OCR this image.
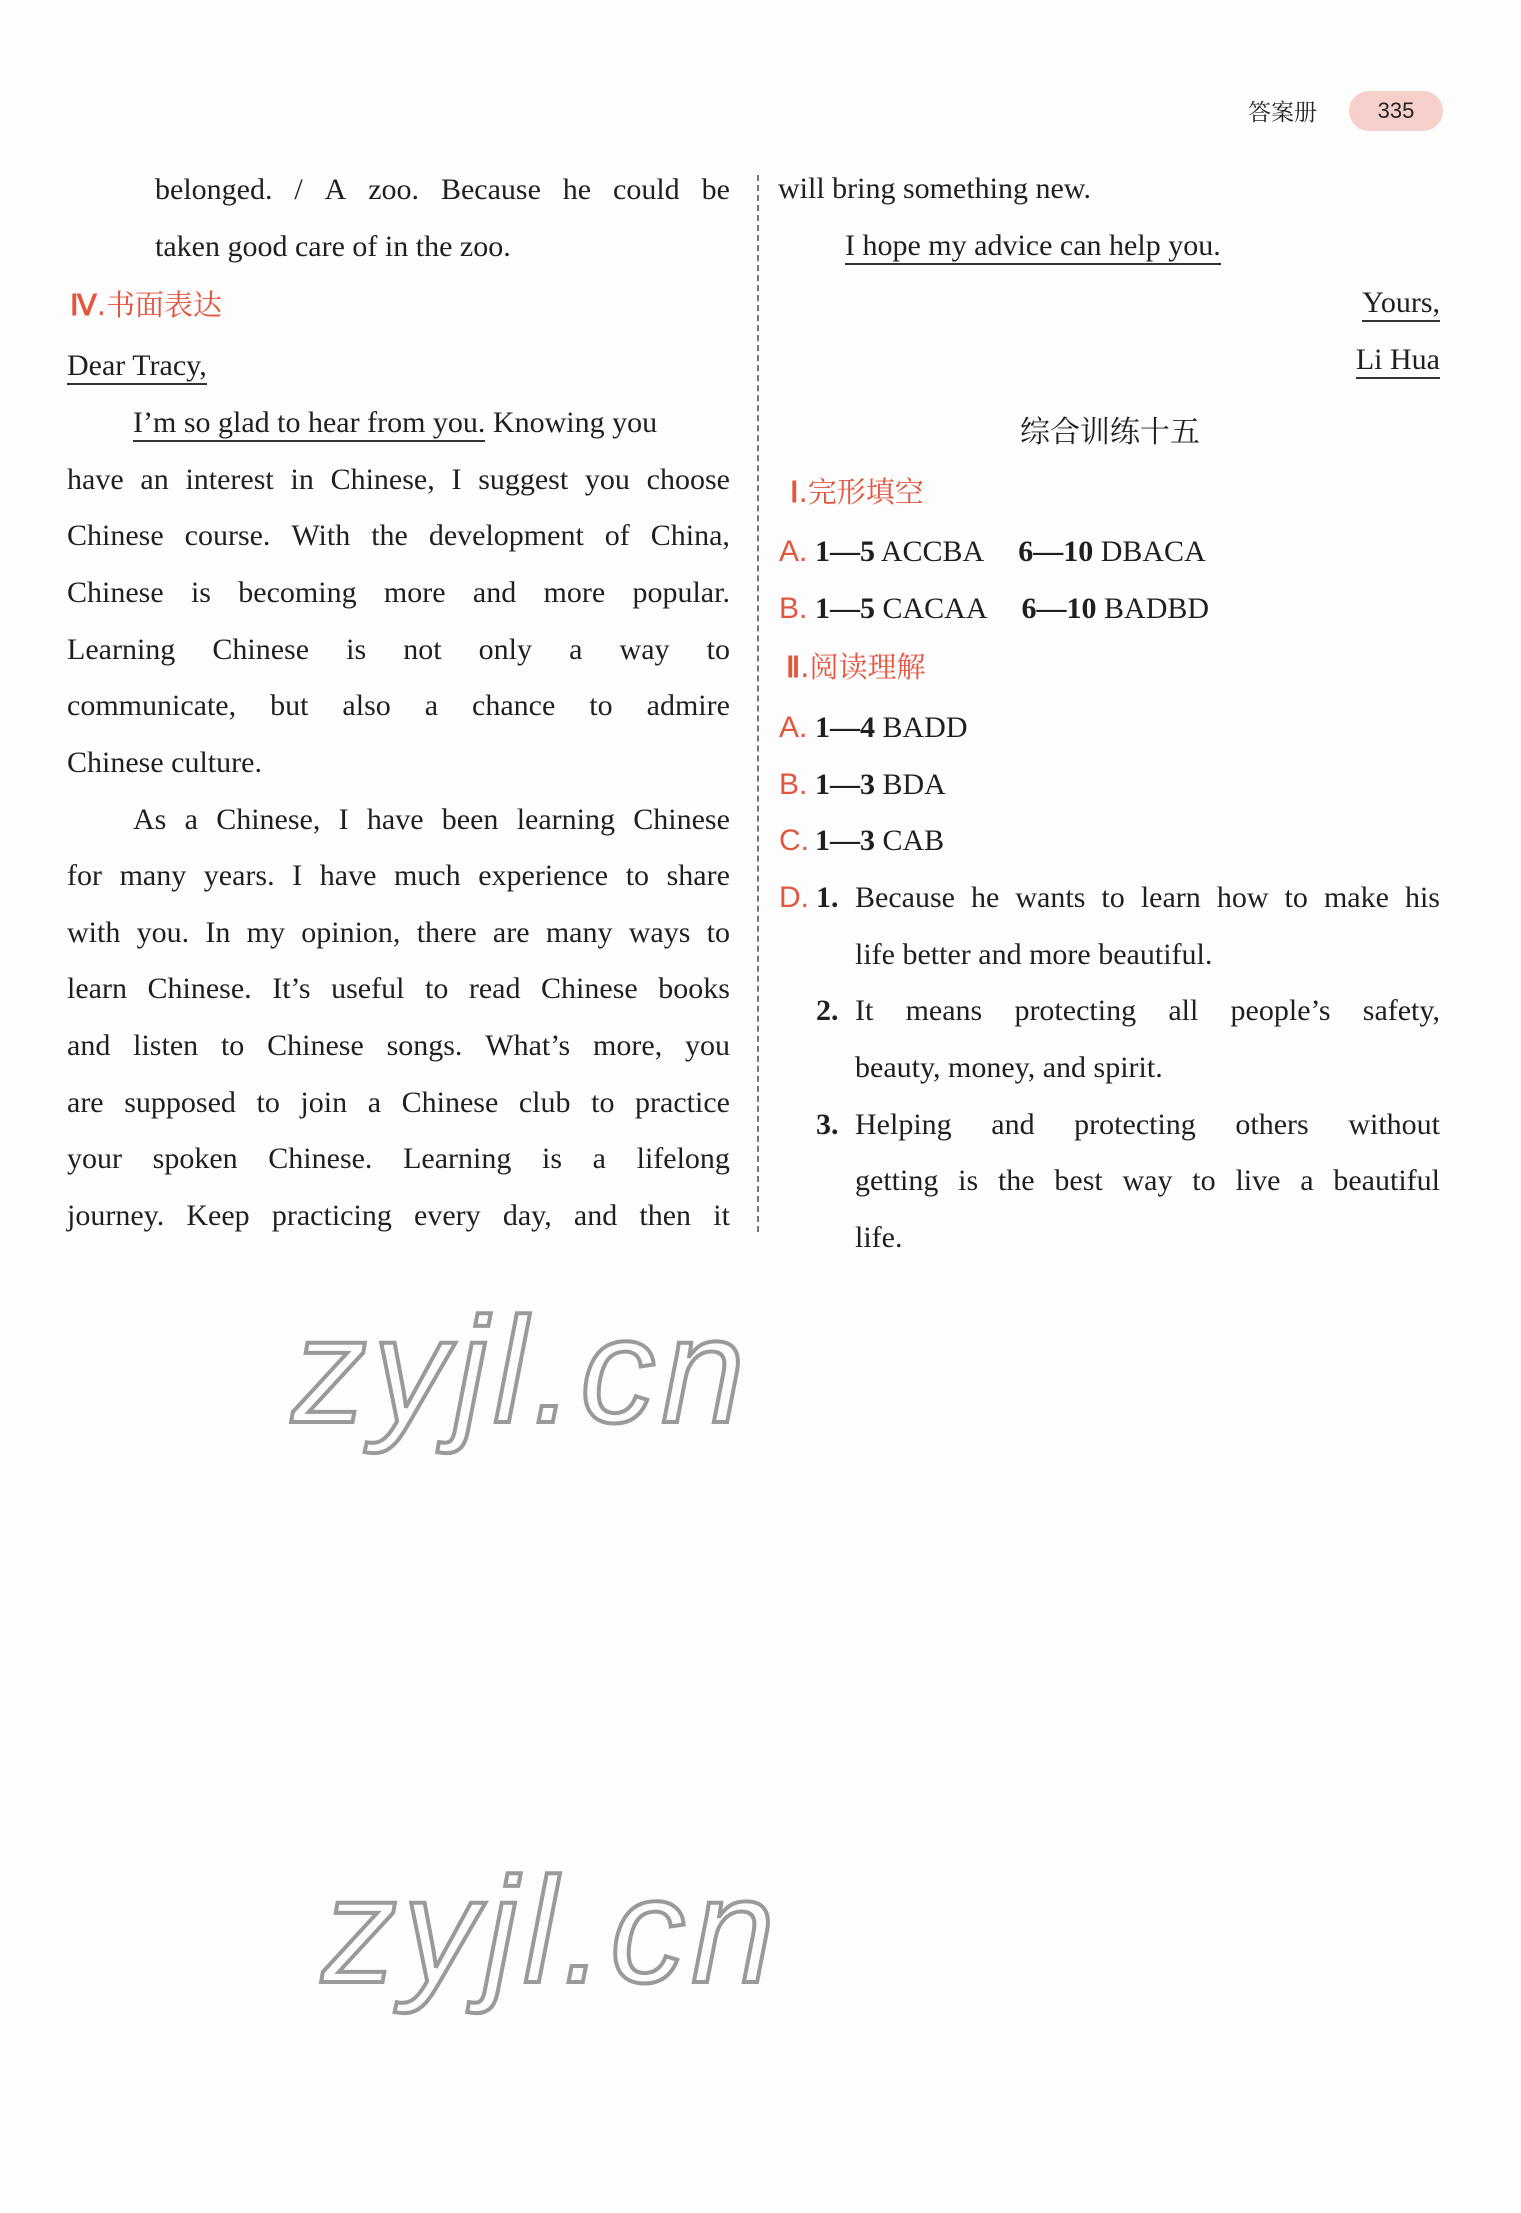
答案册	335
belonged. / A zoo. Because he could be
taken good care of in the zoo.
Ⅳ.书面表达
Dear Tracy,
I’m so glad to hear from you. Knowing you
have an interest in Chinese, I suggest you choose
Chinese course. With the development of China,
Chinese is becoming more and more popular.
Learning Chinese is not only a way to
communicate, but also a chance to admire
Chinese culture.
As a Chinese, I have been learning Chinese
for many years. I have much experience to share
with you. In my opinion, there are many ways to
learn Chinese. It’s useful to read Chinese books
and listen to Chinese songs. What’s more, you
are supposed to join a Chinese club to practice
your spoken Chinese. Learning is a lifelong
journey. Keep practicing every day, and then it
will bring something new.
I hope my advice can help you.
Yours,
Li Hua
综合训练十五
Ⅰ.完形填空
A. 1—5 ACCBA 6—10 DBACA
B. 1—5 CACAA 6—10 BADBD
Ⅱ.阅读理解
A. 1—4 BADD
B. 1—3 BDA
C. 1—3 CAB
D. 1. Because he wants to learn how to make his
life better and more beautiful.
2. It means protecting all people’s safety,
beauty, money, and spirit.
3. Helping and protecting others without
getting is the best way to live a beautiful
life.
zyjl.cn
zyjl.cn
